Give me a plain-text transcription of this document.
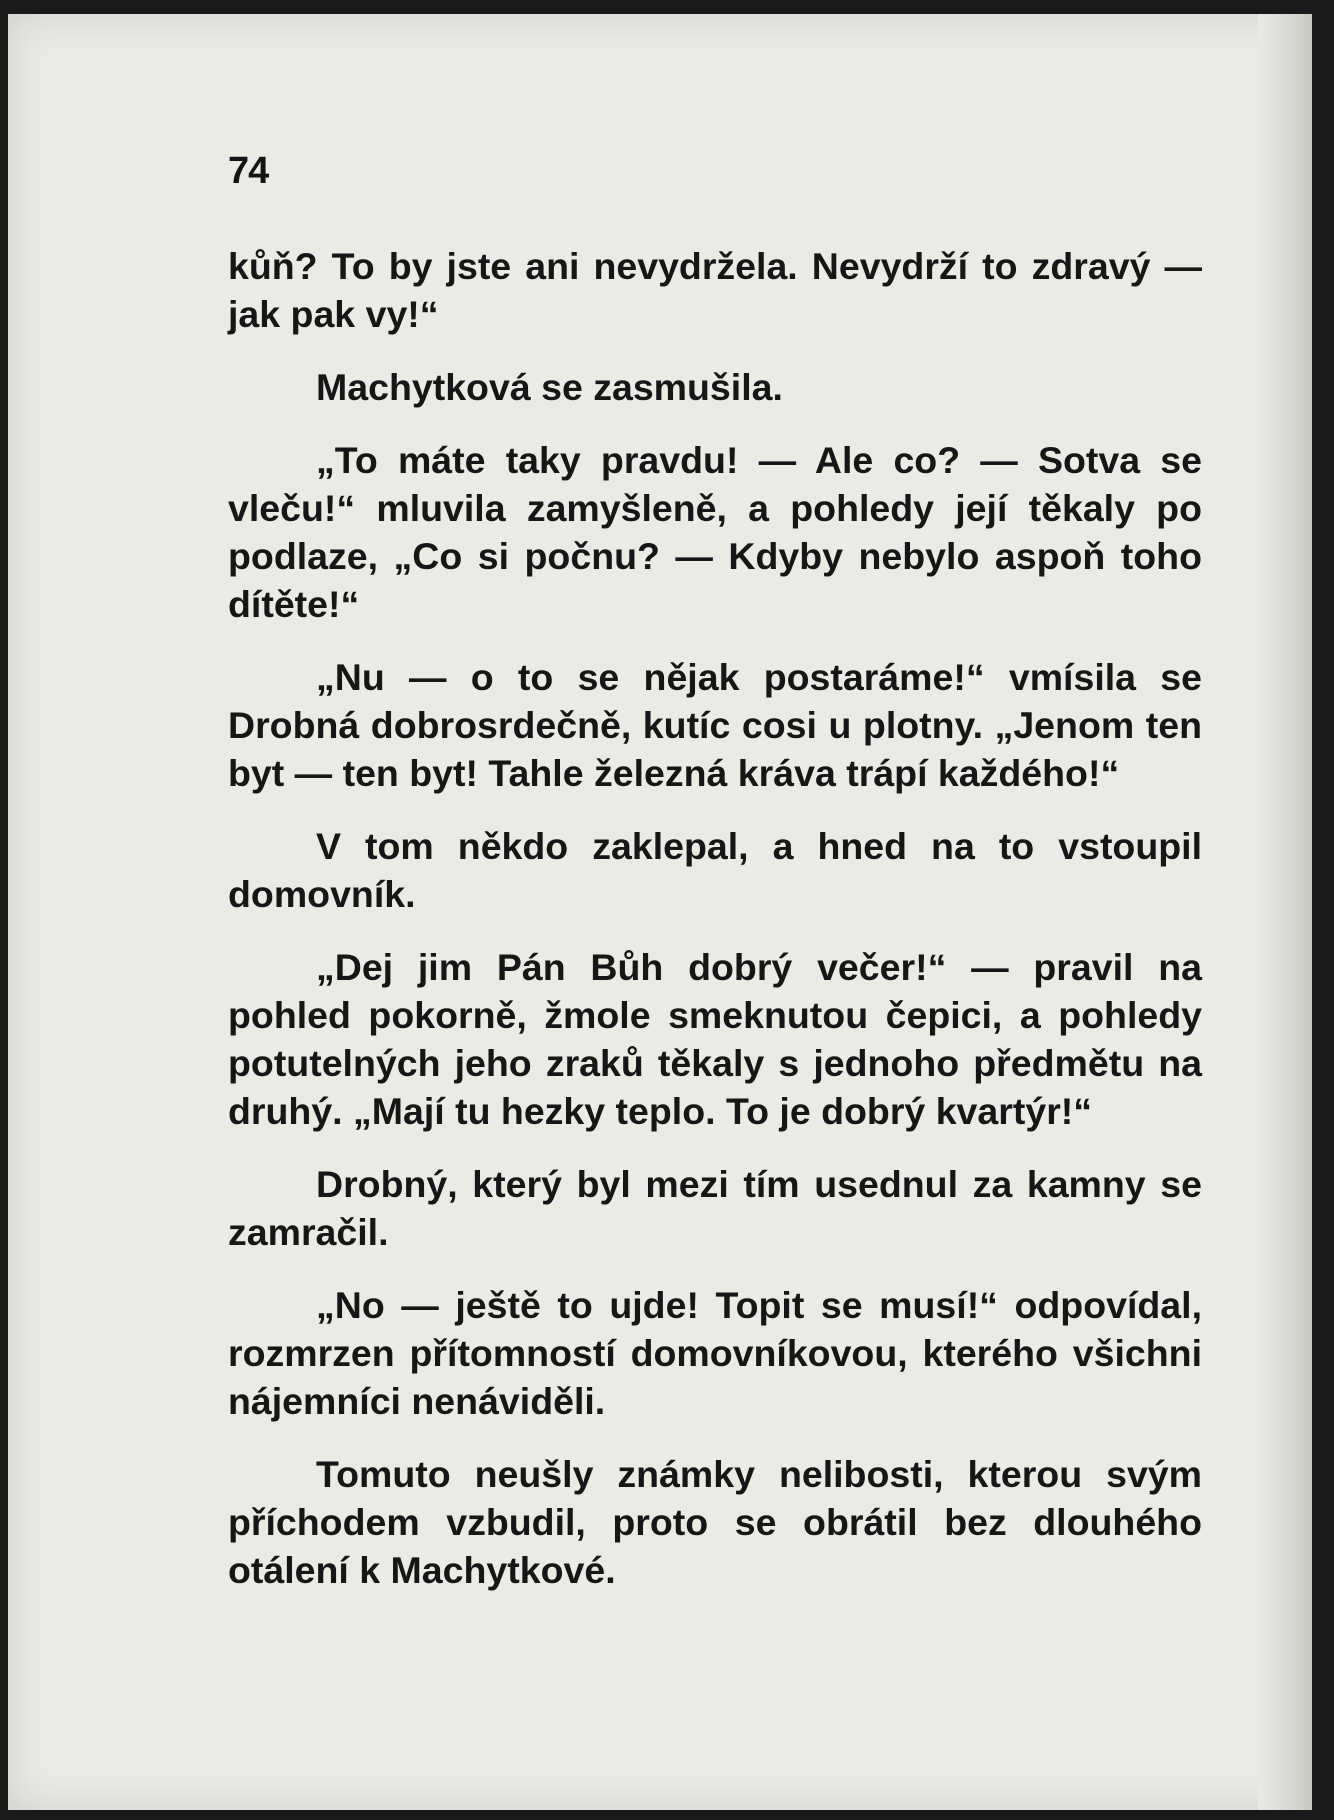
74

kůň? To by jste ani nevydržela. Nevydrží to zdravý — jak pak vy!“

Machytková se zasmušila.

„To máte taky pravdu! — Ale co? — Sotva se vleču!“ mluvila zamyšleně, a pohledy její těkaly po podlaze, „Co si počnu? — Kdyby nebylo aspoň toho dítěte!“

„Nu — o to se nějak postaráme!“ vmísila se Drobná dobrosrdečně, kutíc cosi u plotny. „Jenom ten byt — ten byt! Tahle železná kráva trápí každého!“

V tom někdo zaklepal, a hned na to vstoupil domovník.

„Dej jim Pán Bůh dobrý večer!“ — pravil na pohled pokorně, žmole smeknutou čepici, a pohledy potutelných jeho zraků těkaly s jednoho předmětu na druhý. „Mají tu hezky teplo. To je dobrý kvartýr!“

Drobný, který byl mezi tím usednul za kamny se zamračil.

„No — ještě to ujde! Topit se musí!“ odpovídal, rozmrzen přítomností domovníkovou, kterého všichni nájemníci nenáviděli.

Tomuto neušly známky nelibosti, kterou svým příchodem vzbudil, proto se obrátil bez dlouhého otálení k Machytkové.
